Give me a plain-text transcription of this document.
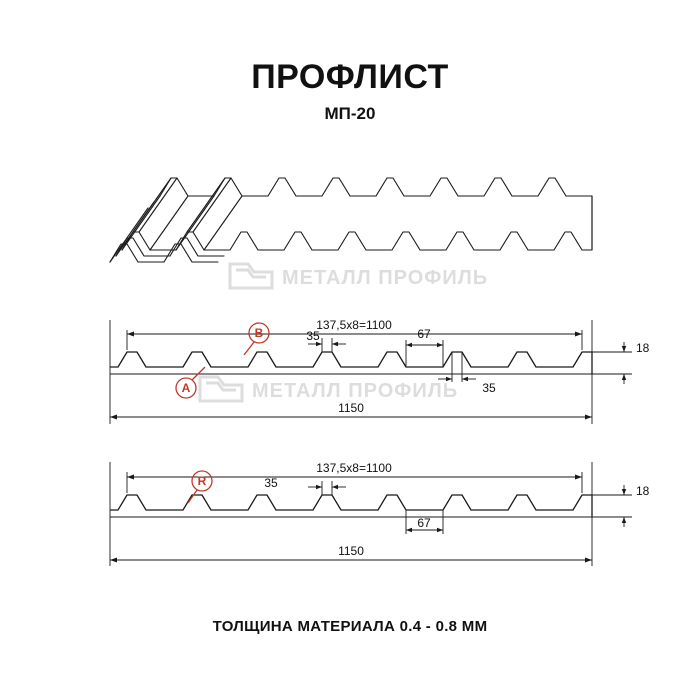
ПРОФЛИСТ
МП-20
ТОЛЩИНА МАТЕРИАЛА 0.4 - 0.8 ММ
МЕТАЛЛ ПРОФИЛЬ
МЕТАЛЛ ПРОФИЛЬ
137,5х8=1100
1150
35	67
35
18
A
B
137,5х8=1100
1150
35
67
18
R
